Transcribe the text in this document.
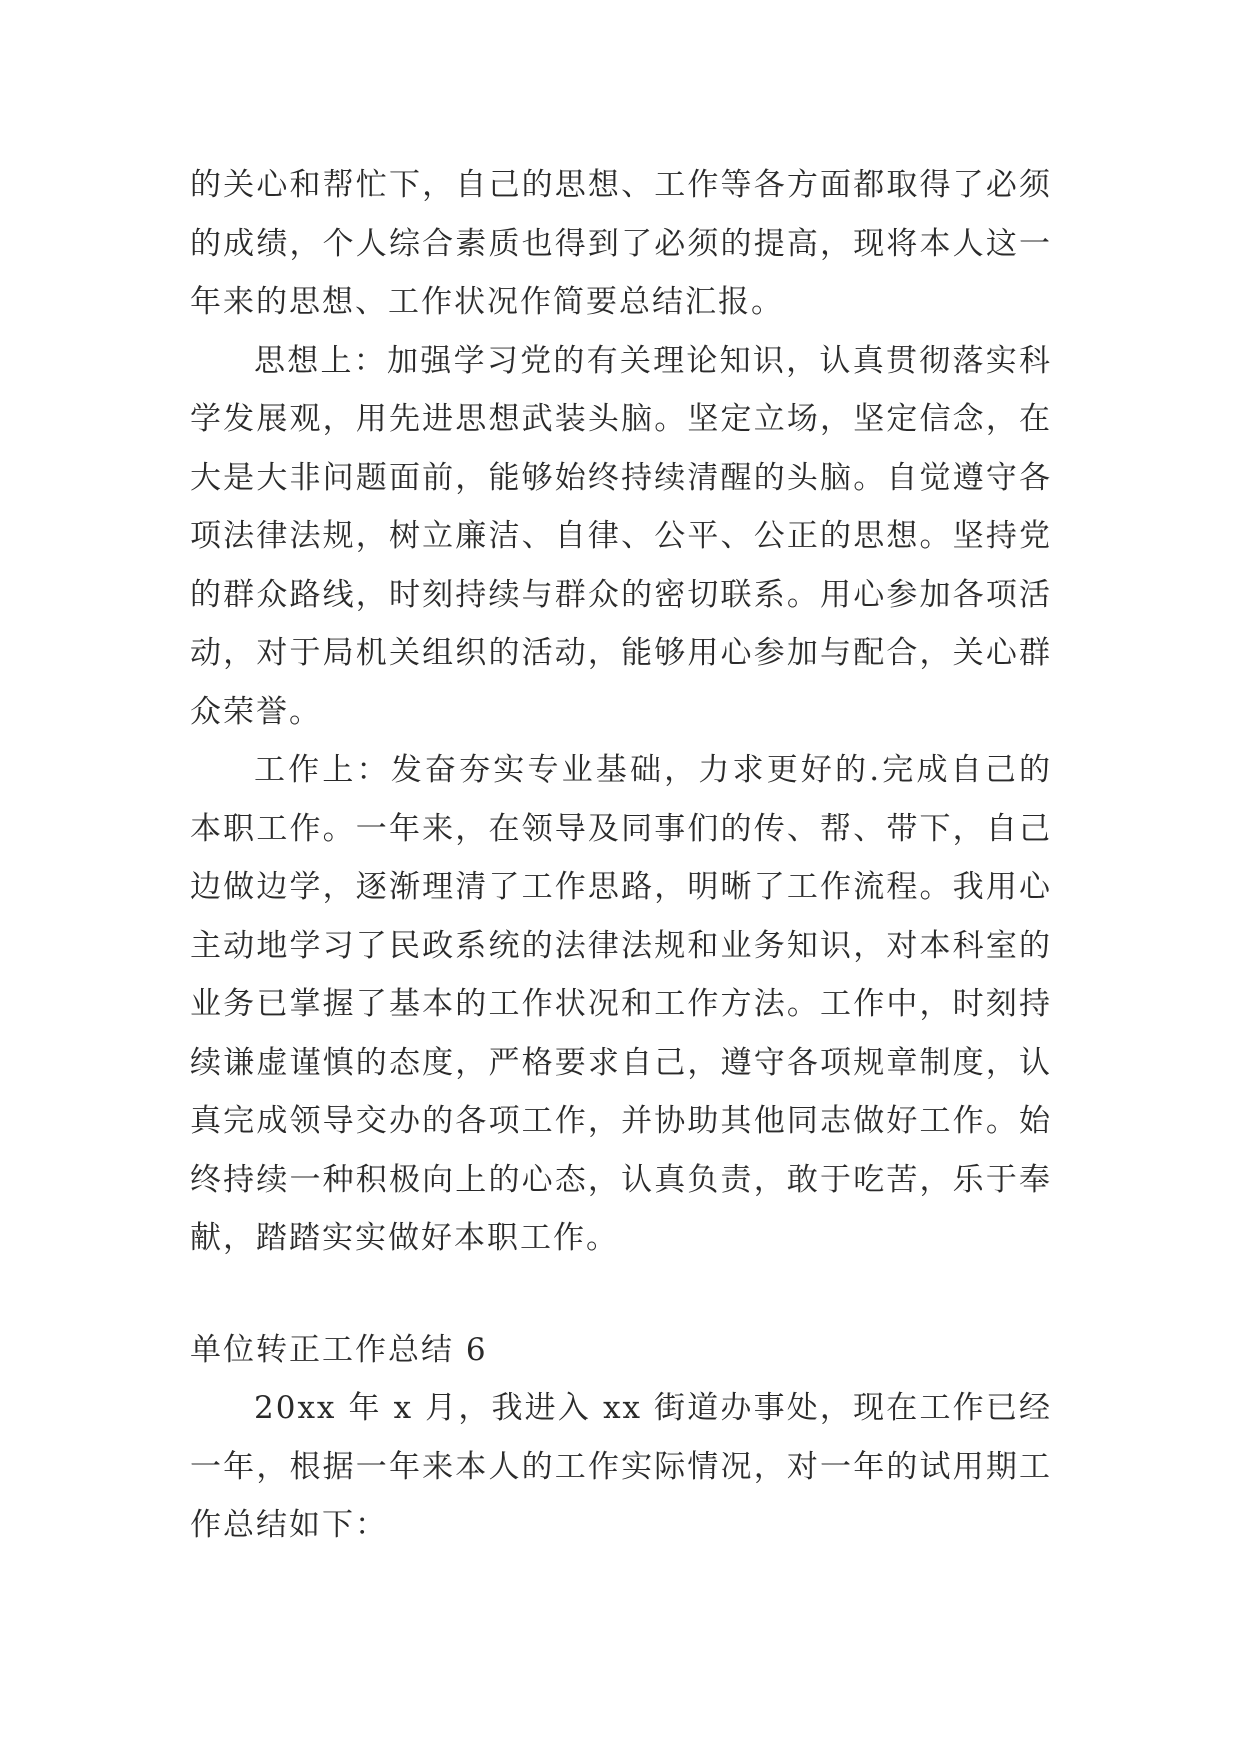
的关心和帮忙下，自己的思想、工作等各方面都取得了必须的成绩，个人综合素质也得到了必须的提高，现将本人这一年来的思想、工作状况作简要总结汇报。

思想上：加强学习党的有关理论知识，认真贯彻落实科学发展观，用先进思想武装头脑。坚定立场，坚定信念，在大是大非问题面前，能够始终持续清醒的头脑。自觉遵守各项法律法规，树立廉洁、自律、公平、公正的思想。坚持党的群众路线，时刻持续与群众的密切联系。用心参加各项活动，对于局机关组织的活动，能够用心参加与配合，关心群众荣誉。

工作上：发奋夯实专业基础，力求更好的.完成自己的本职工作。一年来，在领导及同事们的传、帮、带下，自己边做边学，逐渐理清了工作思路，明晰了工作流程。我用心主动地学习了民政系统的法律法规和业务知识，对本科室的业务已掌握了基本的工作状况和工作方法。工作中，时刻持续谦虚谨慎的态度，严格要求自己，遵守各项规章制度，认真完成领导交办的各项工作，并协助其他同志做好工作。始终持续一种积极向上的心态，认真负责，敢于吃苦，乐于奉献，踏踏实实做好本职工作。

单位转正工作总结 6

20xx 年 x 月，我进入 xx 街道办事处，现在工作已经一年，根据一年来本人的工作实际情况，对一年的试用期工作总结如下：
